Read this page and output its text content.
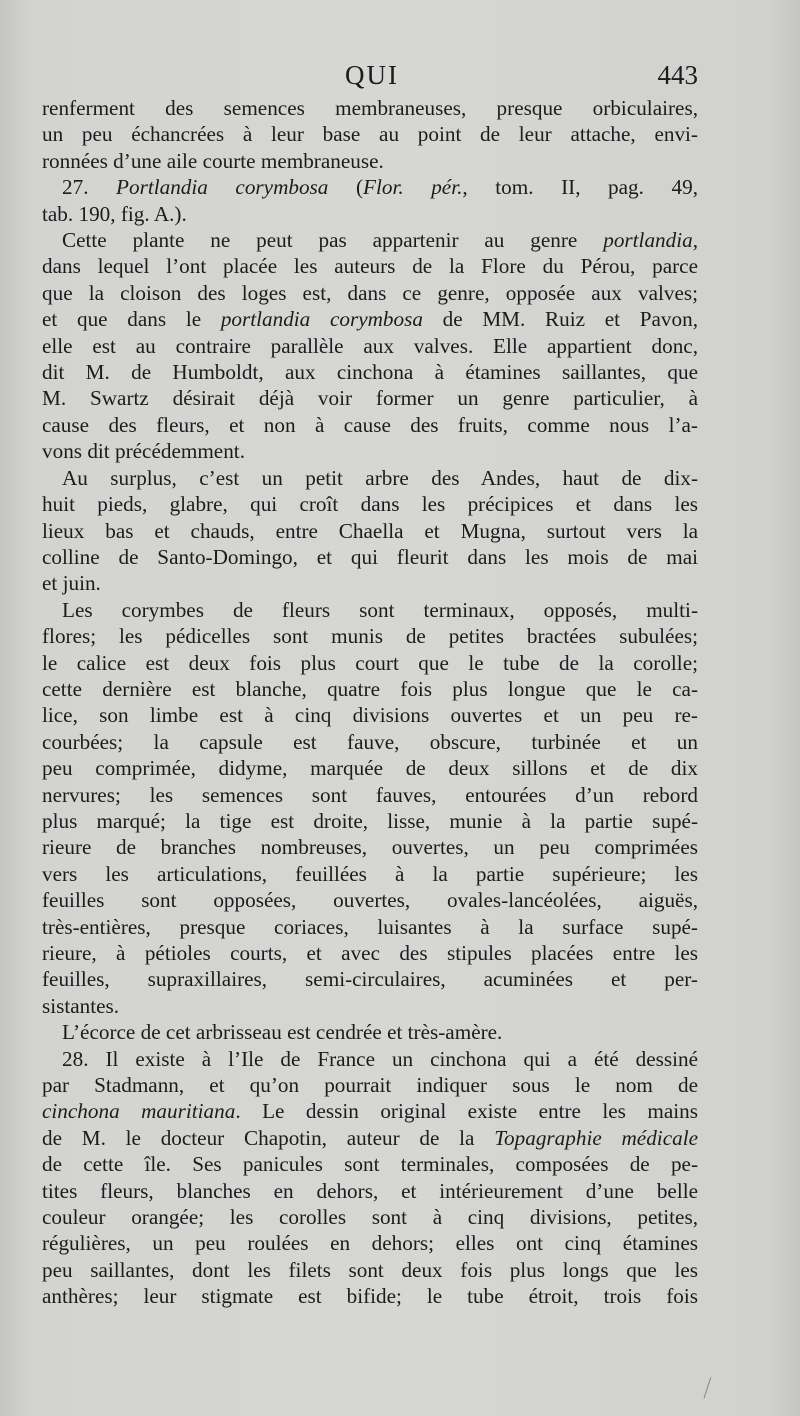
QUI	443
renferment des semences membraneuses, presque orbiculaires,
un peu échancrées à leur base au point de leur attache, envi-
ronnées d’une aile courte membraneuse.
27. Portlandia corymbosa (Flor. pér., tom. II, pag. 49,
tab. 190, fig. A.).
Cette plante ne peut pas appartenir au genre portlandia,
dans lequel l’ont placée les auteurs de la Flore du Pérou, parce
que la cloison des loges est, dans ce genre, opposée aux valves;
et que dans le portlandia corymbosa de MM. Ruiz et Pavon,
elle est au contraire parallèle aux valves. Elle appartient donc,
dit M. de Humboldt, aux cinchona à étamines saillantes, que
M. Swartz désirait déjà voir former un genre particulier, à
cause des fleurs, et non à cause des fruits, comme nous l’a-
vons dit précédemment.
Au surplus, c’est un petit arbre des Andes, haut de dix-
huit pieds, glabre, qui croît dans les précipices et dans les
lieux bas et chauds, entre Chaella et Mugna, surtout vers la
colline de Santo-Domingo, et qui fleurit dans les mois de mai
et juin.
Les corymbes de fleurs sont terminaux, opposés, multi-
flores; les pédicelles sont munis de petites bractées subulées;
le calice est deux fois plus court que le tube de la corolle;
cette dernière est blanche, quatre fois plus longue que le ca-
lice, son limbe est à cinq divisions ouvertes et un peu re-
courbées; la capsule est fauve, obscure, turbinée et un
peu comprimée, didyme, marquée de deux sillons et de dix
nervures; les semences sont fauves, entourées d’un rebord
plus marqué; la tige est droite, lisse, munie à la partie supé-
rieure de branches nombreuses, ouvertes, un peu comprimées
vers les articulations, feuillées à la partie supérieure; les
feuilles sont opposées, ouvertes, ovales-lancéolées, aiguës,
très-entières, presque coriaces, luisantes à la surface supé-
rieure, à pétioles courts, et avec des stipules placées entre les
feuilles, supraxillaires, semi-circulaires, acuminées et per-
sistantes.
L’écorce de cet arbrisseau est cendrée et très-amère.
28. Il existe à l’Ile de France un cinchona qui a été dessiné
par Stadmann, et qu’on pourrait indiquer sous le nom de
cinchona mauritiana. Le dessin original existe entre les mains
de M. le docteur Chapotin, auteur de la Topagraphie médicale
de cette île. Ses panicules sont terminales, composées de pe-
tites fleurs, blanches en dehors, et intérieurement d’une belle
couleur orangée; les corolles sont à cinq divisions, petites,
régulières, un peu roulées en dehors; elles ont cinq étamines
peu saillantes, dont les filets sont deux fois plus longs que les
anthères; leur stigmate est bifide; le tube étroit, trois fois
